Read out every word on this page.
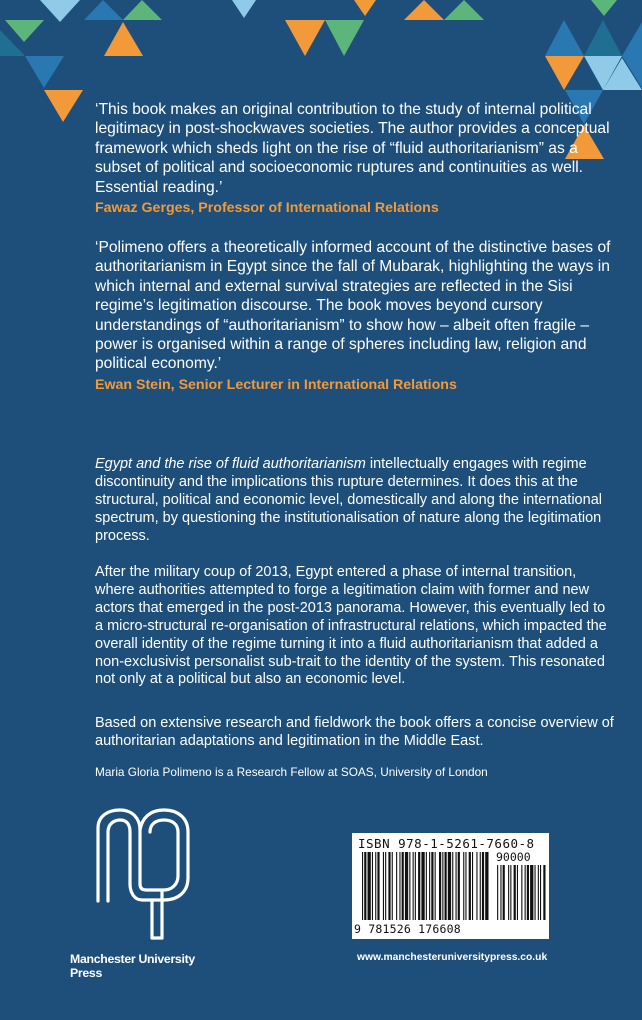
‘This book makes an original contribution to the study of internal political legitimacy in post-shockwaves societies. The author provides a conceptual framework which sheds light on the rise of “fluid authoritarianism” as a subset of political and socioeconomic ruptures and continuities as well. Essential reading.’

Fawaz Gerges, Professor of International Relations

‘Polimeno offers a theoretically informed account of the distinctive bases of authoritarianism in Egypt since the fall of Mubarak, highlighting the ways in which internal and external survival strategies are reflected in the Sisi regime’s legitimation discourse. The book moves beyond cursory understandings of “authoritarianism” to show how – albeit often fragile – power is organised within a range of spheres including law, religion and political economy.’

Ewan Stein, Senior Lecturer in International Relations

Egypt and the rise of fluid authoritarianism intellectually engages with regime discontinuity and the implications this rupture determines. It does this at the structural, political and economic level, domestically and along the international spectrum, by questioning the institutionalisation of nature along the legitimation process.

After the military coup of 2013, Egypt entered a phase of internal transition, where authorities attempted to forge a legitimation claim with former and new actors that emerged in the post-2013 panorama. However, this eventually led to a micro-structural re-organisation of infrastructural relations, which impacted the overall identity of the regime turning it into a fluid authoritarianism that added a non-exclusivist personalist sub-trait to the identity of the system. This resonated not only at a political but also an economic level.

Based on extensive research and fieldwork the book offers a concise overview of authoritarian adaptations and legitimation in the Middle East.

Maria Gloria Polimeno is a Research Fellow at SOAS, University of London

Manchester University Press
ISBN 978-1-5261-7660-8
90000
9 781526 176608
www.manchesteruniversitypress.co.uk
